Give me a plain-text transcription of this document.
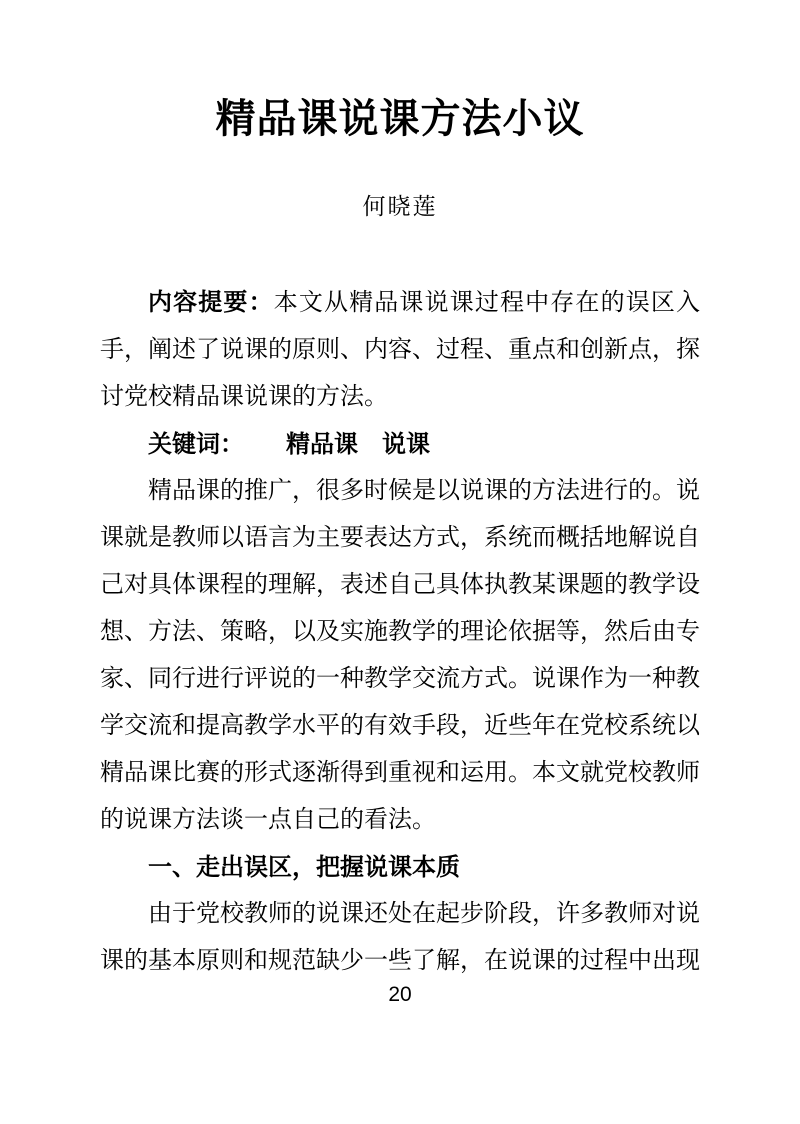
精品课说课方法小议
何晓莲

内容提要：本文从精品课说课过程中存在的误区入手，阐述了说课的原则、内容、过程、重点和创新点，探讨党校精品课说课的方法。

关键词： 精品课　说课

精品课的推广，很多时候是以说课的方法进行的。说课就是教师以语言为主要表达方式，系统而概括地解说自己对具体课程的理解，表述自己具体执教某课题的教学设想、方法、策略，以及实施教学的理论依据等，然后由专家、同行进行评说的一种教学交流方式。说课作为一种教学交流和提高教学水平的有效手段，近些年在党校系统以精品课比赛的形式逐渐得到重视和运用。本文就党校教师的说课方法谈一点自己的看法。

一、走出误区，把握说课本质

由于党校教师的说课还处在起步阶段，许多教师对说课的基本原则和规范缺少一些了解，在说课的过程中出现

20
